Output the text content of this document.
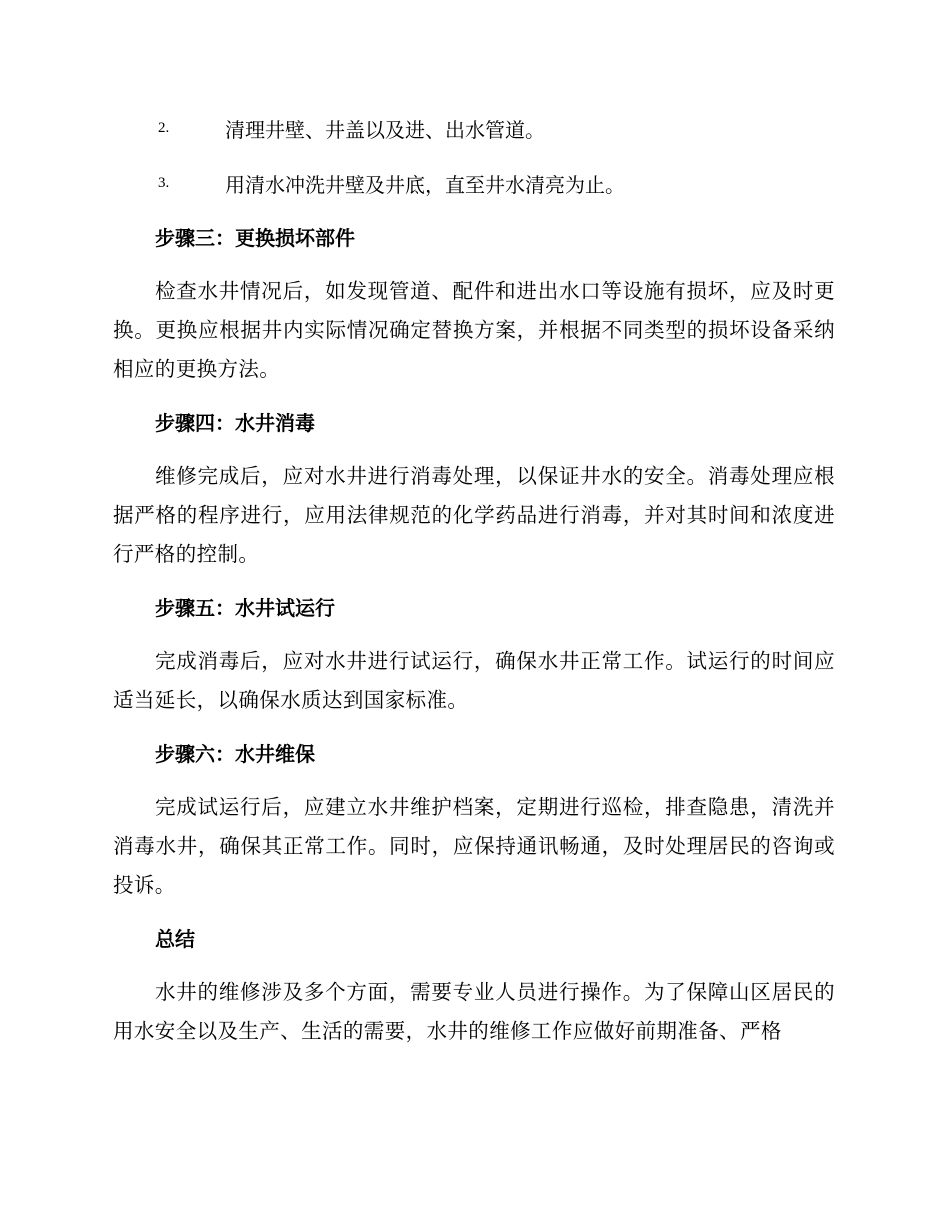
2.	清理井壁、井盖以及进、出水管道。
3.	用清水冲洗井壁及井底，直至井水清亮为止。
步骤三：更换损坏部件

检查水井情况后，如发现管道、配件和进出水口等设施有损坏，应及时更换。更换应根据井内实际情况确定替换方案，并根据不同类型的损坏设备采纳相应的更换方法。

步骤四：水井消毒

维修完成后，应对水井进行消毒处理，以保证井水的安全。消毒处理应根据严格的程序进行，应用法律规范的化学药品进行消毒，并对其时间和浓度进行严格的控制。

步骤五：水井试运行

完成消毒后，应对水井进行试运行，确保水井正常工作。试运行的时间应适当延长，以确保水质达到国家标准。

步骤六：水井维保

完成试运行后，应建立水井维护档案，定期进行巡检，排查隐患，清洗并消毒水井，确保其正常工作。同时，应保持通讯畅通，及时处理居民的咨询或投诉。

总结

水井的维修涉及多个方面，需要专业人员进行操作。为了保障山区居民的用水安全以及生产、生活的需要，水井的维修工作应做好前期准备、严格
